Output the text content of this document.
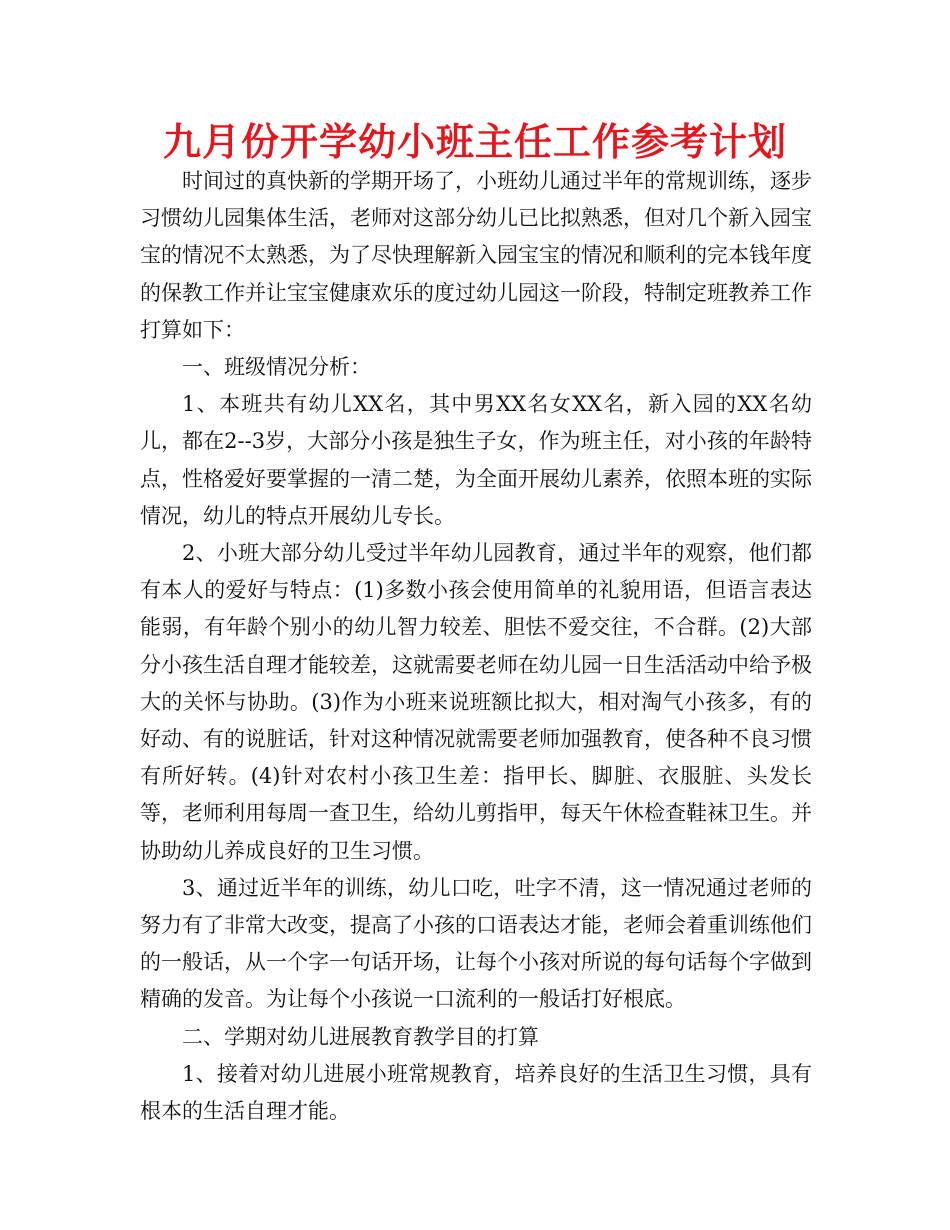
九月份开学幼小班主任工作参考计划

时间过的真快新的学期开场了，小班幼儿通过半年的常规训练，逐步习惯幼儿园集体生活，老师对这部分幼儿已比拟熟悉，但对几个新入园宝宝的情况不太熟悉，为了尽快理解新入园宝宝的情况和顺利的完本钱年度的保教工作并让宝宝健康欢乐的度过幼儿园这一阶段，特制定班教养工作打算如下：

一、班级情况分析：

1、本班共有幼儿XX名，其中男XX名女XX名，新入园的XX名幼儿，都在2--3岁，大部分小孩是独生子女，作为班主任，对小孩的年龄特点，性格爱好要掌握的一清二楚，为全面开展幼儿素养，依照本班的实际情况，幼儿的特点开展幼儿专长。

2、小班大部分幼儿受过半年幼儿园教育，通过半年的观察，他们都有本人的爱好与特点：(1)多数小孩会使用简单的礼貌用语，但语言表达能弱，有年龄个别小的幼儿智力较差、胆怯不爱交往，不合群。(2)大部分小孩生活自理才能较差，这就需要老师在幼儿园一日生活活动中给予极大的关怀与协助。(3)作为小班来说班额比拟大，相对淘气小孩多，有的好动、有的说脏话，针对这种情况就需要老师加强教育，使各种不良习惯有所好转。(4)针对农村小孩卫生差：指甲长、脚脏、衣服脏、头发长等，老师利用每周一查卫生，给幼儿剪指甲，每天午休检查鞋袜卫生。并协助幼儿养成良好的卫生习惯。

3、通过近半年的训练，幼儿口吃，吐字不清，这一情况通过老师的努力有了非常大改变，提高了小孩的口语表达才能，老师会着重训练他们的一般话，从一个字一句话开场，让每个小孩对所说的每句话每个字做到精确的发音。为让每个小孩说一口流利的一般话打好根底。

二、学期对幼儿进展教育教学目的打算

1、接着对幼儿进展小班常规教育，培养良好的生活卫生习惯，具有根本的生活自理才能。
